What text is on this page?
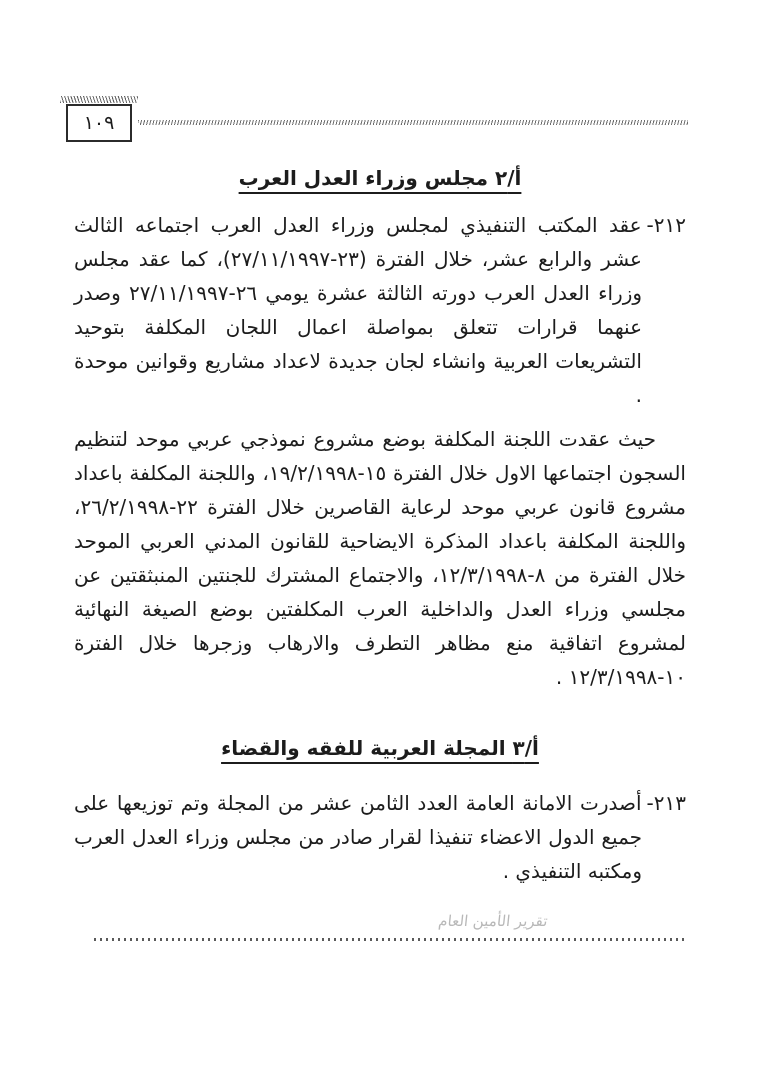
١٠٩
أ/٢ مجلس وزراء العدل العرب

٢١٢-عقد المكتب التنفيذي لمجلس وزراء العدل العرب اجتماعه الثالث عشر والرابع عشر، خلال الفترة (٢٣-٢٧/١١/١٩٩٧)، كما عقد مجلس وزراء العدل العرب دورته الثالثة عشرة يومي ٢٦-٢٧/١١/١٩٩٧ وصدر عنهما قرارات تتعلق بمواصلة اعمال اللجان المكلفة بتوحيد التشريعات العربية وانشاء لجان جديدة لاعداد مشاريع وقوانين موحدة .

حيث عقدت اللجنة المكلفة بوضع مشروع نموذجي عربي موحد لتنظيم السجون اجتماعها الاول خلال الفترة ١٥-١٩/٢/١٩٩٨، واللجنة المكلفة باعداد مشروع قانون عربي موحد لرعاية القاصرين خلال الفترة ٢٢-٢٦/٢/١٩٩٨، واللجنة المكلفة باعداد المذكرة الايضاحية للقانون المدني العربي الموحد خلال الفترة من ٨-١٢/٣/١٩٩٨، والاجتماع المشترك للجنتين المنبثقتين عن مجلسي وزراء العدل والداخلية العرب المكلفتين بوضع الصيغة النهائية لمشروع اتفاقية منع مظاهر التطرف والارهاب وزجرها خلال الفترة ١٠-١٢/٣/١٩٩٨ .

أ/٣ المجلة العربية للفقه والقضاء

٢١٣-أصدرت الامانة العامة العدد الثامن عشر من المجلة وتم توزيعها على جميع الدول الاعضاء تنفيذا لقرار صادر من مجلس وزراء العدل العرب ومكتبه التنفيذي .

تقرير الأمين العام
